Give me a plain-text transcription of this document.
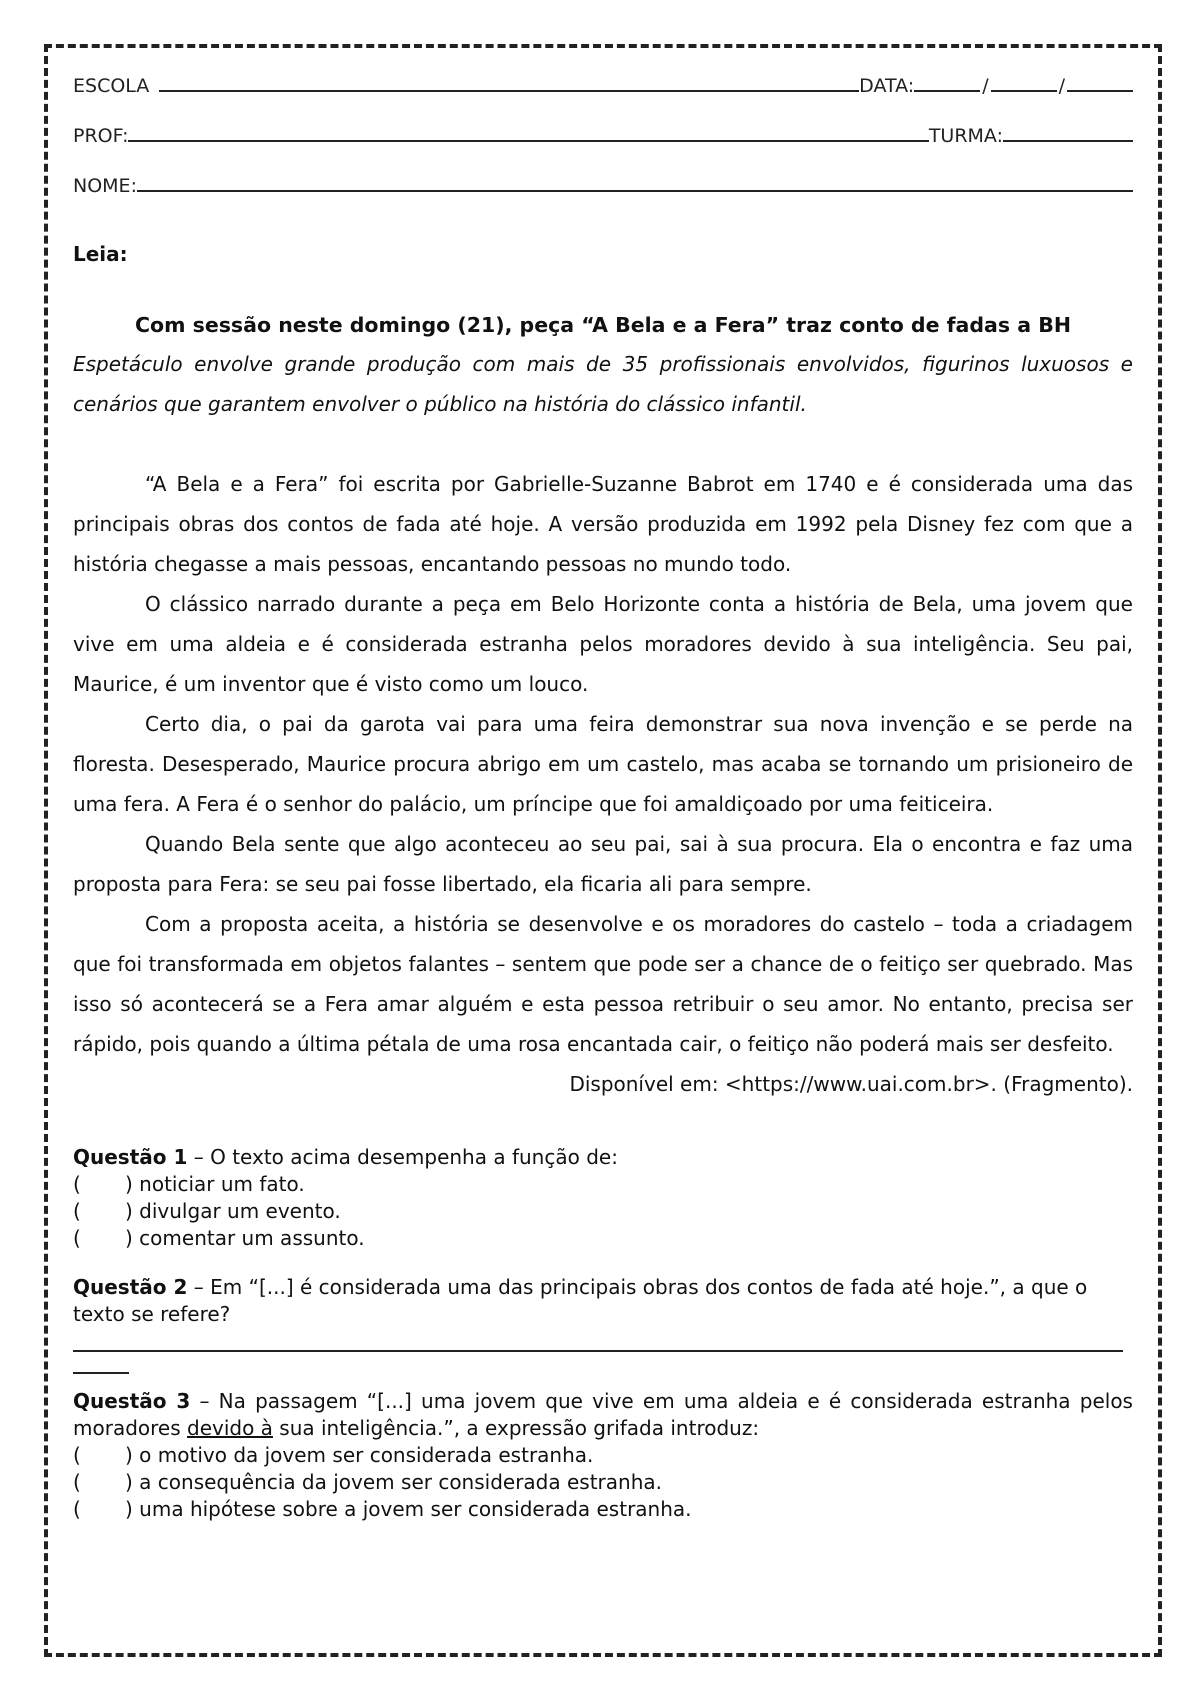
ESCOLA	DATA:	/	/
PROF:	TURMA:
NOME:
Leia:
Com sessão neste domingo (21), peça “A Bela e a Fera” traz conto de fadas a BH

Espetáculo envolve grande produção com mais de 35 profissionais envolvidos, figurinos luxuosos e cenários que garantem envolver o público na história do clássico infantil.

“A Bela e a Fera” foi escrita por Gabrielle-Suzanne Babrot em 1740 e é considerada uma das principais obras dos contos de fada até hoje. A versão produzida em 1992 pela Disney fez com que a história chegasse a mais pessoas, encantando pessoas no mundo todo.

O clássico narrado durante a peça em Belo Horizonte conta a história de Bela, uma jovem que vive em uma aldeia e é considerada estranha pelos moradores devido à sua inteligência. Seu pai, Maurice, é um inventor que é visto como um louco.

Certo dia, o pai da garota vai para uma feira demonstrar sua nova invenção e se perde na floresta. Desesperado, Maurice procura abrigo em um castelo, mas acaba se tornando um prisioneiro de uma fera. A Fera é o senhor do palácio, um príncipe que foi amaldiçoado por uma feiticeira.

Quando Bela sente que algo aconteceu ao seu pai, sai à sua procura. Ela o encontra e faz uma proposta para Fera: se seu pai fosse libertado, ela ficaria ali para sempre.

Com a proposta aceita, a história se desenvolve e os moradores do castelo – toda a criadagem que foi transformada em objetos falantes – sentem que pode ser a chance de o feitiço ser quebrado. Mas isso só acontecerá se a Fera amar alguém e esta pessoa retribuir o seu amor. No entanto, precisa ser rápido, pois quando a última pétala de uma rosa encantada cair, o feitiço não poderá mais ser desfeito.

Disponível em: <https://www.uai.com.br>. (Fragmento).
Questão 1 – O texto acima desempenha a função de:
(	)
noticiar um fato.
(	)
divulgar um evento.
(	)
comentar um assunto.
Questão 2 – Em “[...] é considerada uma das principais obras dos contos de fada até hoje.”, a que o texto se refere?
Questão 3 – Na passagem “[...] uma jovem que vive em uma aldeia e é considerada estranha pelos moradores devido à sua inteligência.”, a expressão grifada introduz:
(	)
o motivo da jovem ser considerada estranha.
(	)
a consequência da jovem ser considerada estranha.
(	)
uma hipótese sobre a jovem ser considerada estranha.
